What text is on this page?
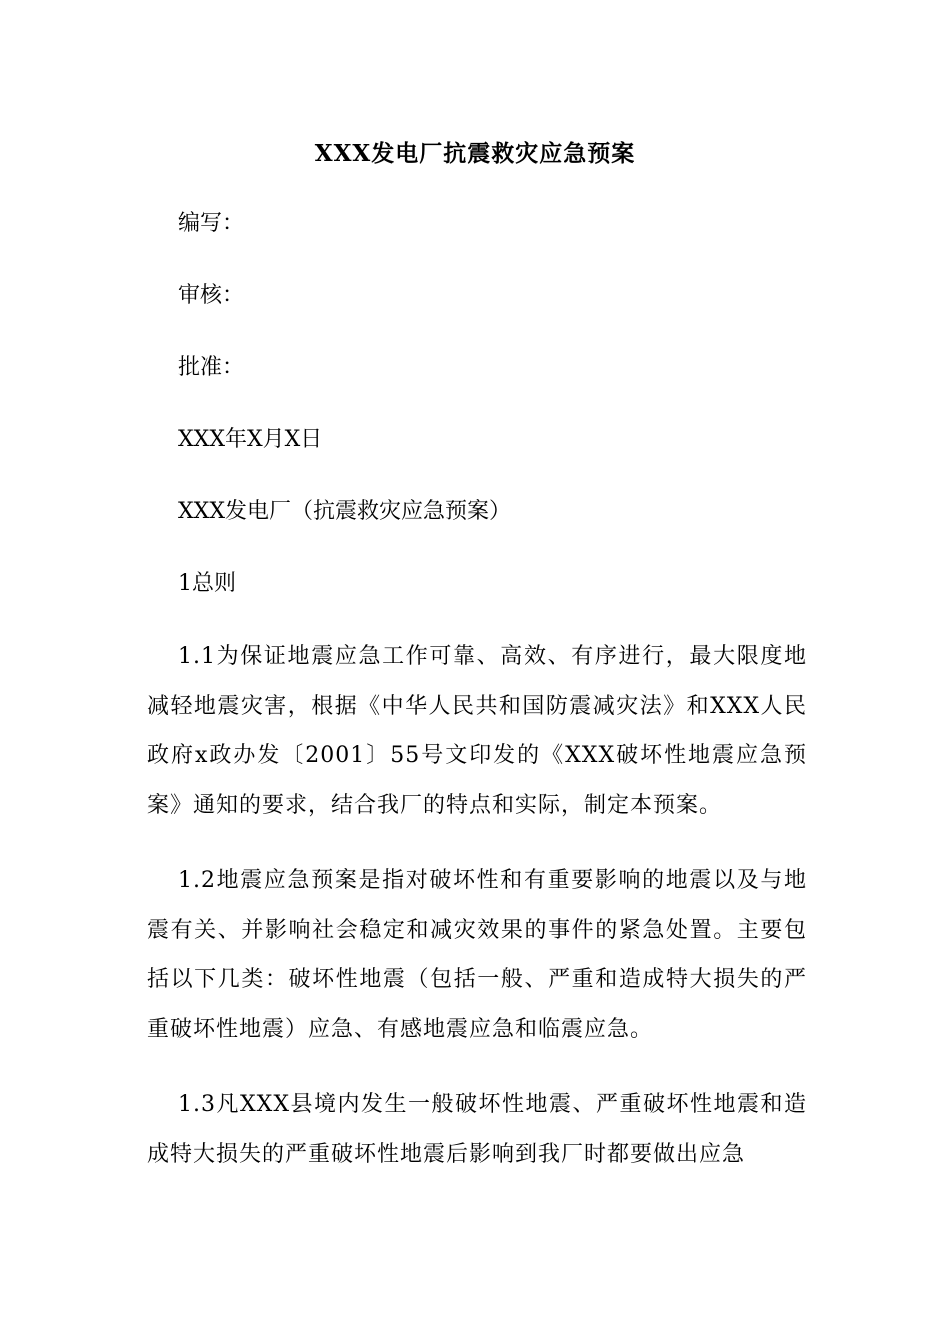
XXX发电厂抗震救灾应急预案
编写：
审核：
批准：
XXX年X月X日
XXX发电厂（抗震救灾应急预案）
1总则
1.1为保证地震应急工作可靠、高效、有序进行，最大限度地减轻地震灾害，根据《中华人民共和国防震减灾法》和XXX人民政府x政办发〔2001〕55号文印发的《XXX破坏性地震应急预案》通知的要求，结合我厂的特点和实际，制定本预案。
1.2地震应急预案是指对破坏性和有重要影响的地震以及与地震有关、并影响社会稳定和减灾效果的事件的紧急处置。主要包括以下几类：破坏性地震（包括一般、严重和造成特大损失的严重破坏性地震）应急、有感地震应急和临震应急。
1.3凡XXX县境内发生一般破坏性地震、严重破坏性地震和造成特大损失的严重破坏性地震后影响到我厂时都要做出应急
